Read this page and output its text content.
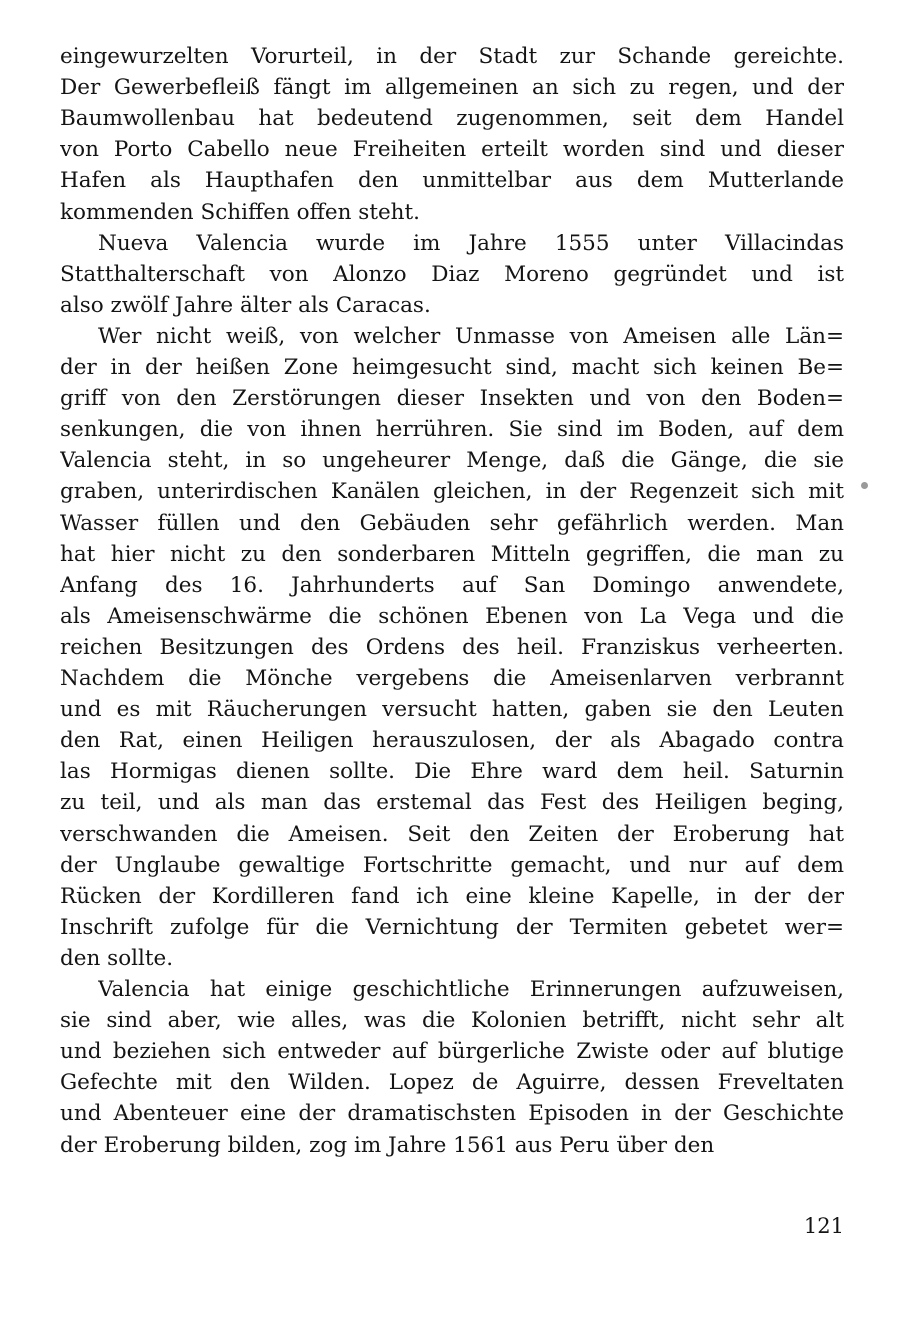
eingewurzelten Vorurteil, in der Stadt zur Schande gereichte.
Der Gewerbefleiß fängt im allgemeinen an sich zu regen, und der
Baumwollenbau hat bedeutend zugenommen, seit dem Handel
von Porto Cabello neue Freiheiten erteilt worden sind und dieser
Hafen als Haupthafen den unmittelbar aus dem Mutterlande
kommenden Schiffen offen steht.
Nueva Valencia wurde im Jahre 1555 unter Villacindas
Statthalterschaft von Alonzo Diaz Moreno gegründet und ist
also zwölf Jahre älter als Caracas.
Wer nicht weiß, von welcher Unmasse von Ameisen alle Län=
der in der heißen Zone heimgesucht sind, macht sich keinen Be=
griff von den Zerstörungen dieser Insekten und von den Boden=
senkungen, die von ihnen herrühren. Sie sind im Boden, auf dem
Valencia steht, in so ungeheurer Menge, daß die Gänge, die sie
graben, unterirdischen Kanälen gleichen, in der Regenzeit sich mit
Wasser füllen und den Gebäuden sehr gefährlich werden. Man
hat hier nicht zu den sonderbaren Mitteln gegriffen, die man zu
Anfang des 16. Jahrhunderts auf San Domingo anwendete,
als Ameisenschwärme die schönen Ebenen von La Vega und die
reichen Besitzungen des Ordens des heil. Franziskus verheerten.
Nachdem die Mönche vergebens die Ameisenlarven verbrannt
und es mit Räucherungen versucht hatten, gaben sie den Leuten
den Rat, einen Heiligen herauszulosen, der als Abagado contra
las Hormigas dienen sollte. Die Ehre ward dem heil. Saturnin
zu teil, und als man das erstemal das Fest des Heiligen beging,
verschwanden die Ameisen. Seit den Zeiten der Eroberung hat
der Unglaube gewaltige Fortschritte gemacht, und nur auf dem
Rücken der Kordilleren fand ich eine kleine Kapelle, in der der
Inschrift zufolge für die Vernichtung der Termiten gebetet wer=
den sollte.
Valencia hat einige geschichtliche Erinnerungen aufzuweisen,
sie sind aber, wie alles, was die Kolonien betrifft, nicht sehr alt
und beziehen sich entweder auf bürgerliche Zwiste oder auf blutige
Gefechte mit den Wilden. Lopez de Aguirre, dessen Freveltaten
und Abenteuer eine der dramatischsten Episoden in der Geschichte
der Eroberung bilden, zog im Jahre 1561 aus Peru über den
121
